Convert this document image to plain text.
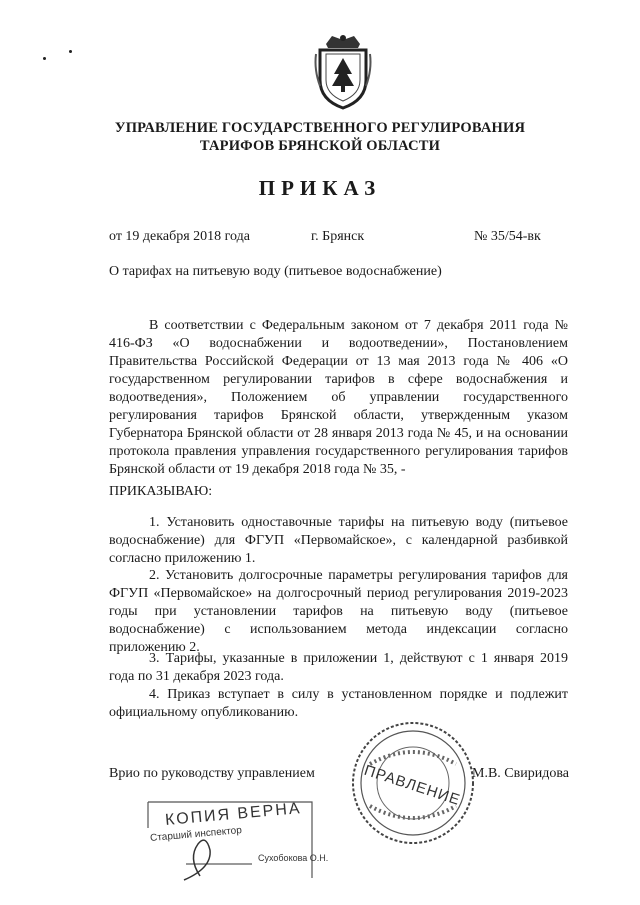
УПРАВЛЕНИЕ ГОСУДАРСТВЕННОГО РЕГУЛИРОВАНИЯ
ТАРИФОВ БРЯНСКОЙ ОБЛАСТИ
ПРИКАЗ
от 19 декабря 2018 года	г. Брянск	№ 35/54-вк
О тарифах на питьевую воду (питьевое водоснабжение)

В соответствии с Федеральным законом от 7 декабря 2011 года № 416-ФЗ «О водоснабжении и водоотведении», Постановлением Правительства Российской Федерации от 13 мая 2013 года № 406 «О государственном регулировании тарифов в сфере водоснабжения и водоотведения», Положением об управлении государственного регулирования тарифов Брянской области, утвержденным указом Губернатора Брянской области от 28 января 2013 года № 45, и на основании протокола правления управления государственного регулирования тарифов Брянской области от 19 декабря 2018 года № 35, -

ПРИКАЗЫВАЮ:

1. Установить одноставочные тарифы на питьевую воду (питьевое водоснабжение) для ФГУП «Первомайское», с календарной разбивкой согласно приложению 1.

2. Установить долгосрочные параметры регулирования тарифов для ФГУП «Первомайское» на долгосрочный период регулирования 2019-2023 годы при установлении тарифов на питьевую воду (питьевое водоснабжение) с использованием метода индексации согласно приложению 2.

3. Тарифы, указанные в приложении 1, действуют с 1 января 2019 года по 31 декабря 2023 года.

4. Приказ вступает в силу в установленном порядке и подлежит официальному опубликованию.

Врио по руководству управлением	ПРАВЛЕНИЕ М.В. Свиридова
КОПИЯ ВЕРНА
Старший инспектор
Сухобокова О.Н.
